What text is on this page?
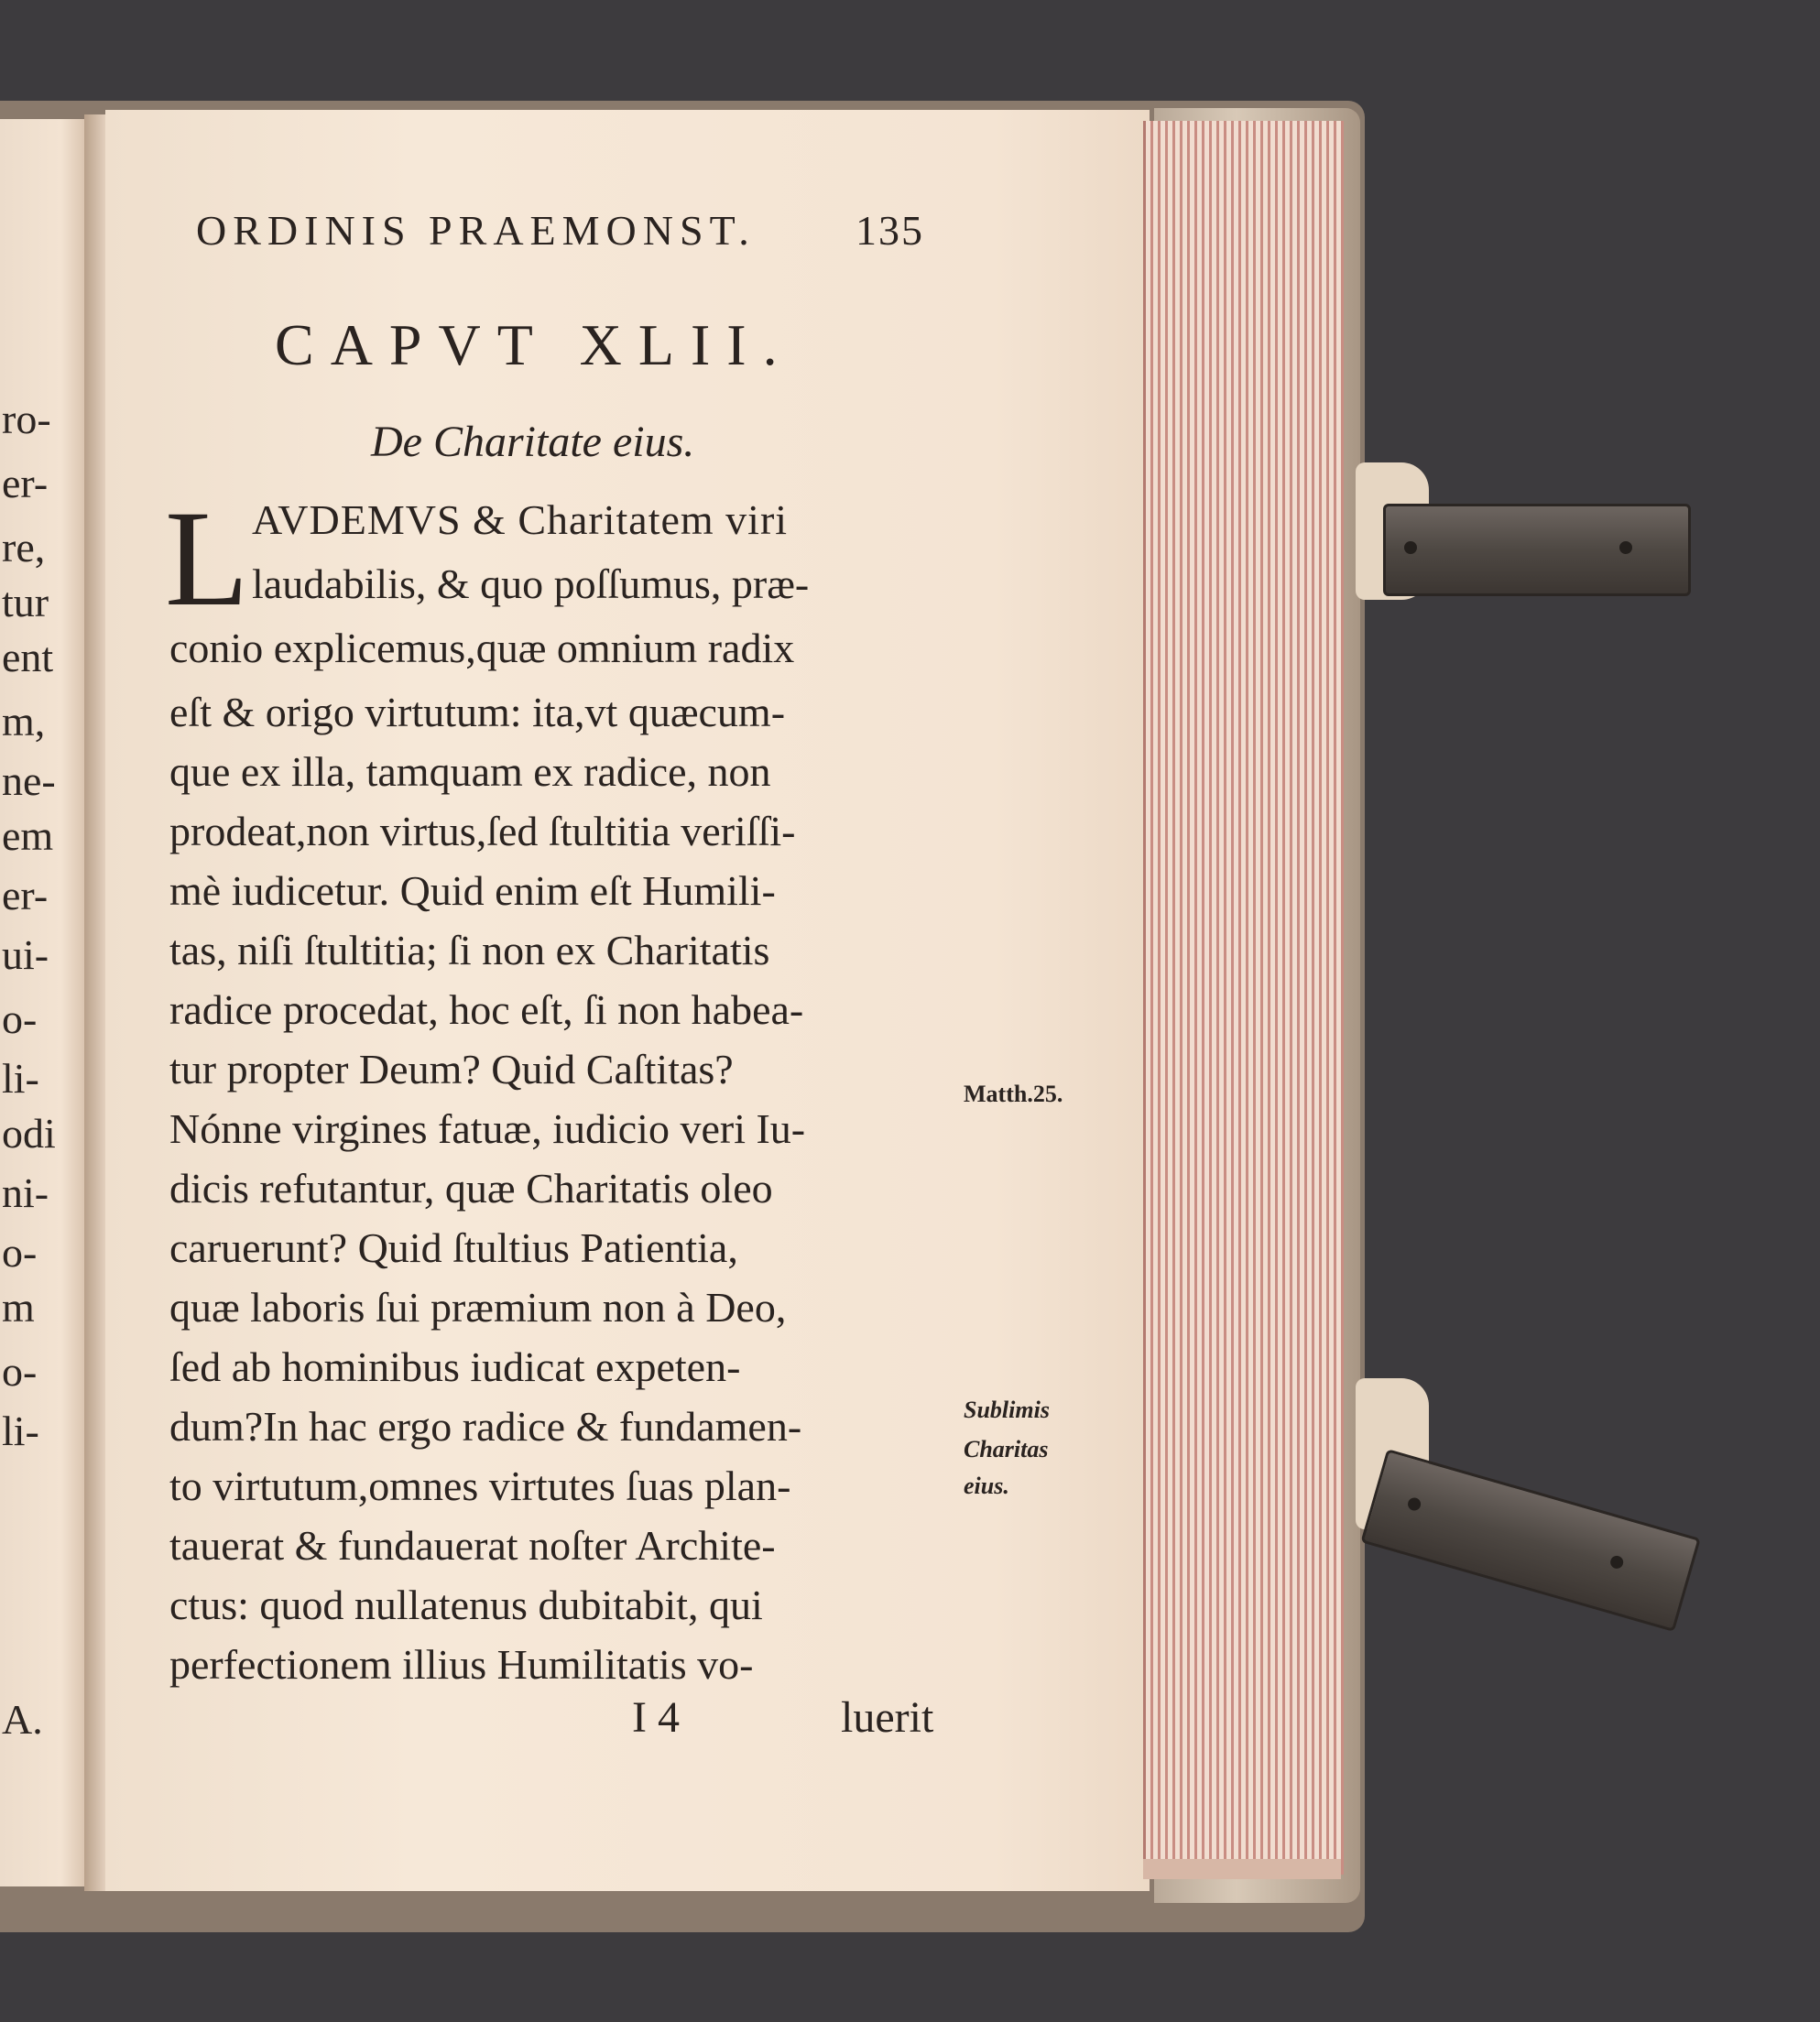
ro-
er-
re,
tur
ent
m,
ne-
em
er-
ui-
o-
li-
odi
ni-
o-
m
o-
li-
A.
ORDINIS PRAEMONST. 135
CAPVT XLII.
De Charitate eius.
L AVDEMVS & Charitatem viri
laudabilis, & quo poſſumus, præ-
conio explicemus,quæ omnium radix
eſt & origo virtutum: ita,vt quæcum-
que ex illa, tamquam ex radice, non
prodeat,non virtus,ſed ſtultitia veriſſi-
mè iudicetur. Quid enim eſt Humili-
tas, niſi ſtultitia; ſi non ex Charitatis
radice procedat, hoc eſt, ſi non habea-
tur propter Deum? Quid Caſtitas?
Nónne virgines fatuæ, iudicio veri Iu-
dicis refutantur, quæ Charitatis oleo
caruerunt? Quid ſtultius Patientia,
quæ laboris ſui præmium non à Deo,
ſed ab hominibus iudicat expeten-
dum?In hac ergo radice & fundamen-
to virtutum,omnes virtutes ſuas plan-
tauerat & fundauerat noſter Archite-
ctus: quod nullatenus dubitabit, qui
perfectionem illius Humilitatis vo-
I 4	luerit
Matth.25.
Sublimis
Charitas
eius.
